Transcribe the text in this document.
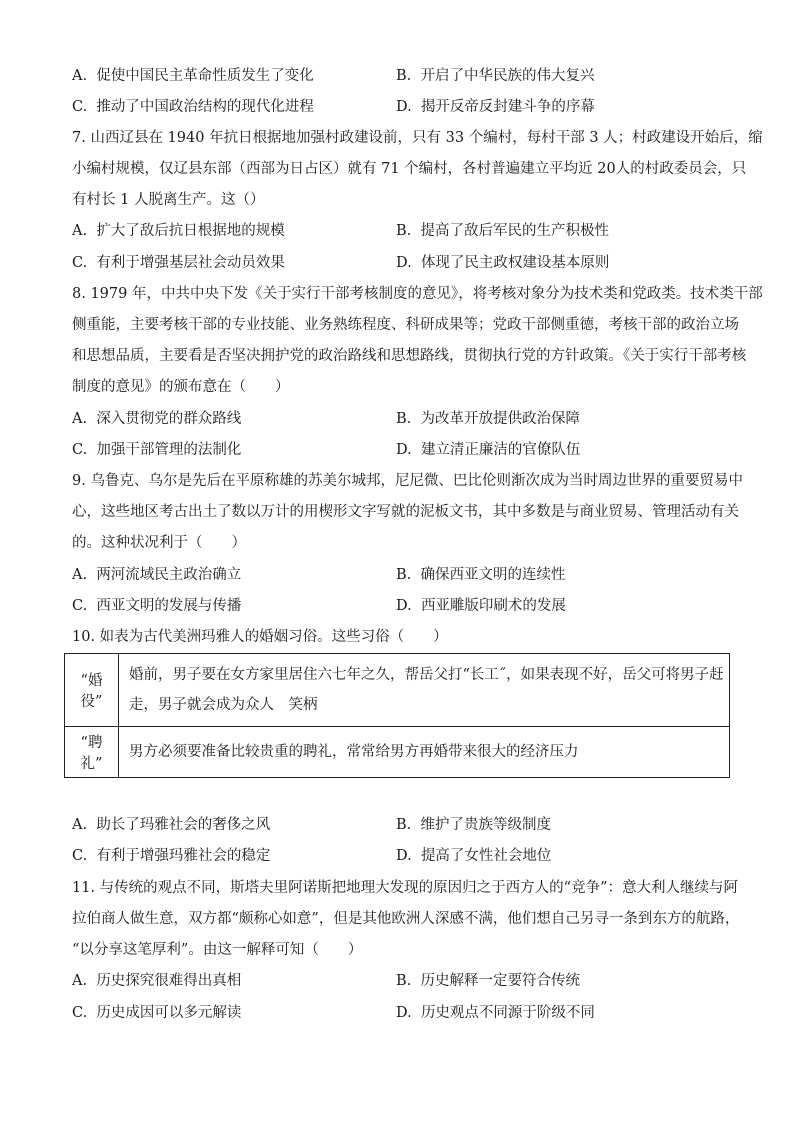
A. 促使中国民主革命性质发生了变化	B. 开启了中华民族的伟大复兴
C. 推动了中国政治结构的现代化进程	D. 揭开反帝反封建斗争的序幕
7. 山西辽县在 1940 年抗日根据地加强村政建设前，只有 33 个编村，每村干部 3 人；村政建设开始后，缩
小编村规模，仅辽县东部（西部为日占区）就有 71 个编村，各村普遍建立平均近 20人的村政委员会，只
有村长 1 人脱离生产。这（）
A. 扩大了敌后抗日根据地的规模	B. 提高了敌后军民的生产积极性
C. 有利于增强基层社会动员效果	D. 体现了民主政权建设基本原则
8. 1979 年，中共中央下发《关于实行干部考核制度的意见》，将考核对象分为技术类和党政类。技术类干部
侧重能，主要考核干部的专业技能、业务熟练程度、科研成果等；党政干部侧重德，考核干部的政治立场
和思想品质，主要看是否坚决拥护党的政治路线和思想路线，贯彻执行党的方针政策。《关于实行干部考核
制度的意见》的颁布意在（　　）
A. 深入贯彻党的群众路线	B. 为改革开放提供政治保障
C. 加强干部管理的法制化	D. 建立清正廉洁的官僚队伍
9. 乌鲁克、乌尔是先后在平原称雄的苏美尔城邦，尼尼微、巴比伦则渐次成为当时周边世界的重要贸易中
心，这些地区考古出土了数以万计的用楔形文字写就的泥板文书，其中多数是与商业贸易、管理活动有关
的。这种状况利于（　　）
A. 两河流域民主政治确立	B. 确保西亚文明的连续性
C. 西亚文明的发展与传播	D. 西亚雕版印刷术的发展
10. 如表为古代美洲玛雅人的婚姻习俗。这些习俗（　　）
“婚役”	婚前，男子要在女方家里居住六七年之久，帮岳父打“长工˝，如果表现不好，岳父可将男子赶
走，男子就会成为众人　笑柄

“聘礼”	男方必须要准备比较贵重的聘礼，常常给男方再婚带来很大的经济压力
A. 助长了玛雅社会的奢侈之风	B. 维护了贵族等级制度
C. 有利于增强玛雅社会的稳定	D. 提高了女性社会地位
11. 与传统的观点不同，斯塔夫里阿诺斯把地理大发现的原因归之于西方人的“竞争”：意大利人继续与阿
拉伯商人做生意，双方都“颇称心如意”，但是其他欧洲人深感不满，他们想自己另寻一条到东方的航路，
“以分享这笔厚利”。由这一解释可知（　　）
A. 历史探究很难得出真相	B. 历史解释一定要符合传统
C. 历史成因可以多元解读	D. 历史观点不同源于阶级不同
